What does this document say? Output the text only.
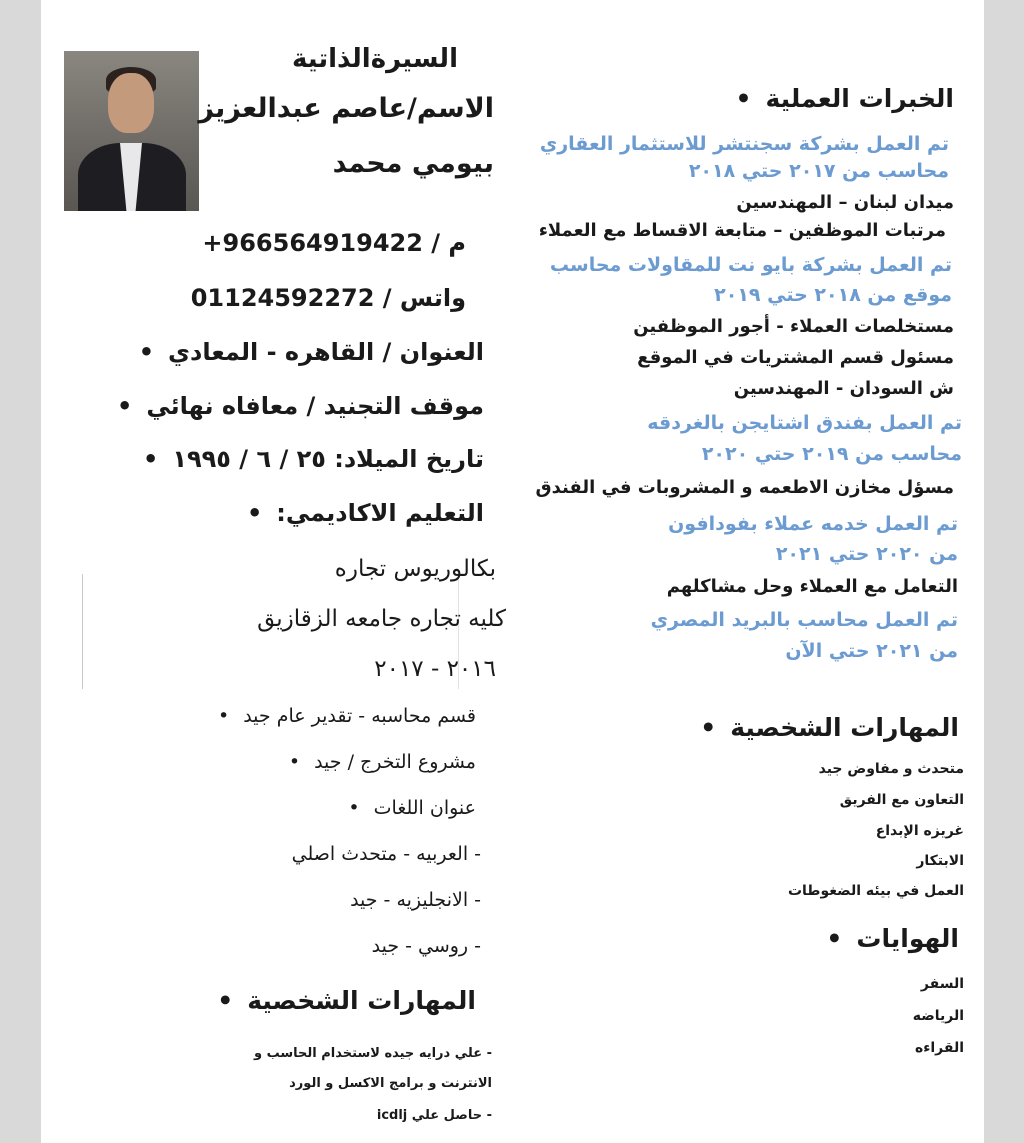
السيرةالذاتية
الاسم/عاصم عبدالعزيز
بيومي محمد
م / 966564919422+
واتس / 01124592272
العنوان / القاهره - المعادي •
موقف التجنيد / معافاه نهائي •
تاريخ الميلاد: ٢٥ / ٦ / ١٩٩٥ •
التعليم الاكاديمي: •
بكالوريوس تجاره
كليه تجاره جامعه الزقازيق
٢٠١٦ - ٢٠١٧
قسم محاسبه - تقدير عام جيد •
مشروع التخرج / جيد •
عنوان اللغات •
- العربيه - متحدث اصلي
- الانجليزيه - جيد
- روسي - جيد
المهارات الشخصية •
- علي درايه جيده لاستخدام الحاسب و
الانترنت و برامج الاكسل و الورد
- حاصل علي icdlj
الخبرات العملية •
تم العمل بشركة سجنتشر للاستثمار العقاري
محاسب من ٢٠١٧ حتي ٢٠١٨
ميدان لبنان – المهندسين
مرتبات الموظفين – متابعة الاقساط مع العملاء
تم العمل بشركة بايو نت للمقاولات محاسب
موقع من ٢٠١٨ حتي ٢٠١٩
مستخلصات العملاء - أجور الموظفين
مسئول قسم المشتريات في الموقع
ش السودان - المهندسين
تم العمل بفندق اشتايجن بالغردقه
محاسب من ٢٠١٩ حتي ٢٠٢٠
مسؤل مخازن الاطعمه و المشروبات في الفندق
تم العمل خدمه عملاء بفودافون
من ٢٠٢٠ حتي ٢٠٢١
التعامل مع العملاء وحل مشاكلهم
تم العمل محاسب بالبريد المصري
من ٢٠٢١ حتي الآن
المهارات الشخصية •
متحدث و مفاوض جيد
التعاون مع الفريق
غريزه الإبداع
الابتكار
العمل في بيئه الضغوطات
الهوايات •
السفر
الرياضه
القراءه
